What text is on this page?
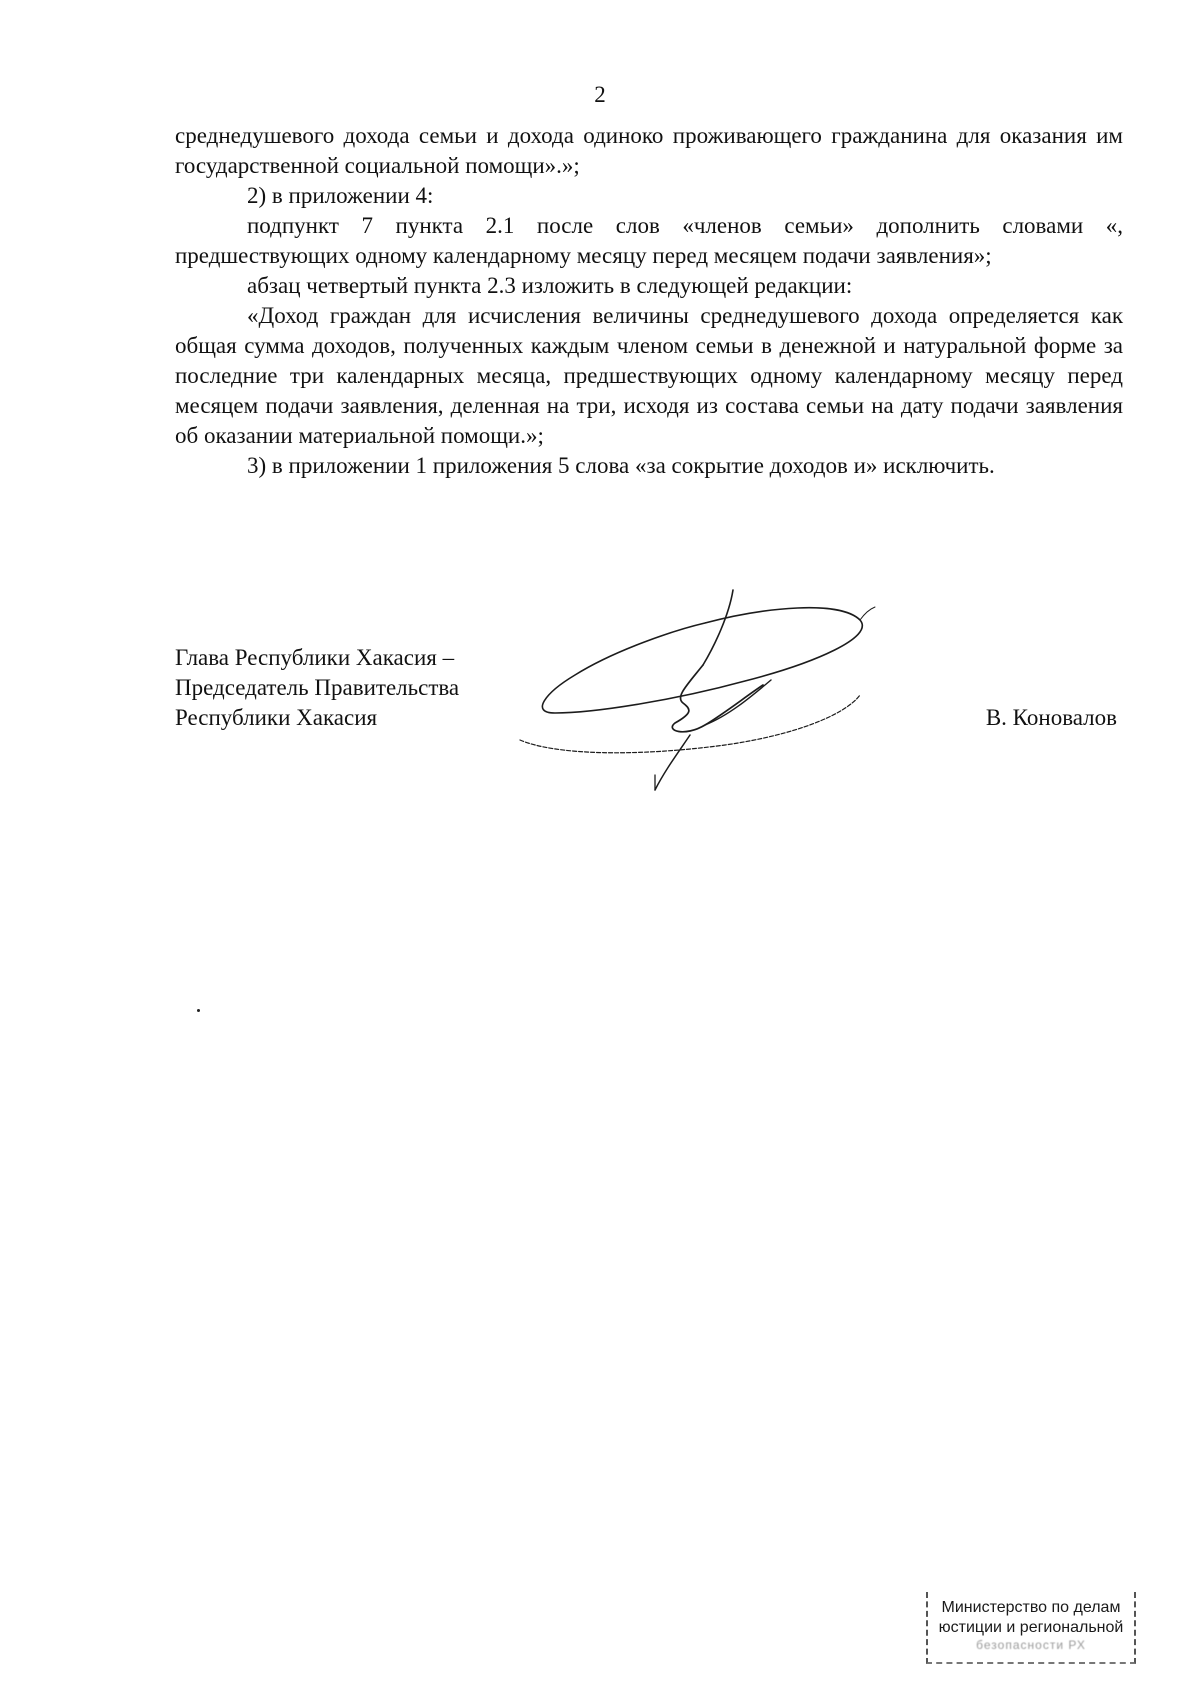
2

среднедушевого дохода семьи и дохода одиноко проживающего гражданина для оказания им государственной социальной помощи».»;

2) в приложении 4:

подпункт 7 пункта 2.1 после слов «членов семьи» дополнить словами «, предшествующих одному календарному месяцу перед месяцем подачи заявления»;

абзац четвертый пункта 2.3 изложить в следующей редакции:

«Доход граждан для исчисления величины среднедушевого дохода определяется как общая сумма доходов, полученных каждым членом семьи в денежной и натуральной форме за последние три календарных месяца, предшествующих одному календарному месяцу перед месяцем подачи заявления, деленная на три, исходя из состава семьи на дату подачи заявления об оказании материальной помощи.»;

3) в приложении 1 приложения 5 слова «за сокрытие доходов и» исключить.

Глава Республики Хакасия –
Председатель Правительства
Республики Хакасия	В. Коновалов
Министерство по делам
юстиции и региональной
безопасности РХ
